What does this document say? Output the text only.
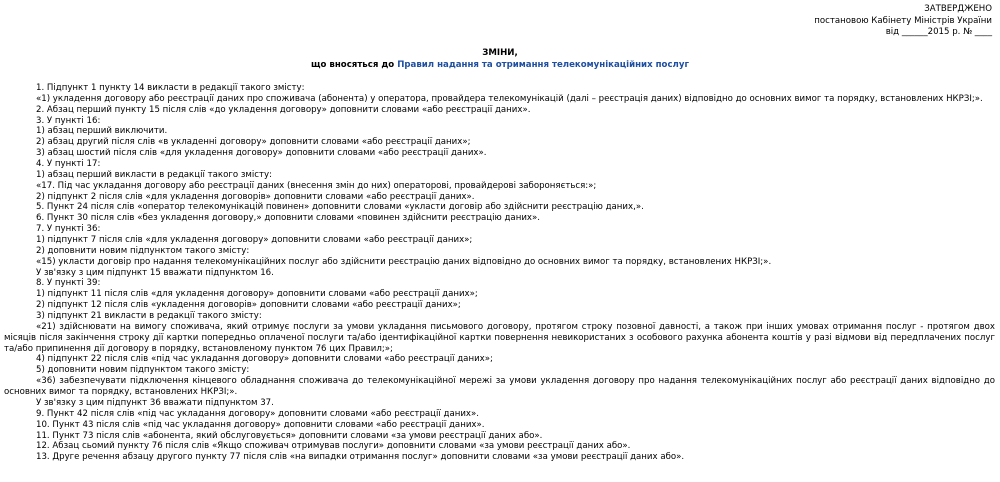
ЗАТВЕРДЖЕНО
постановою Кабінету Міністрів України
від ______2015 р. № ____
ЗМІНИ,
що вносяться до Правил надання та отримання телекомунікаційних послуг

1. Підпункт 1 пункту 14 викласти в редакції такого змісту:

«1) укладення договору або реєстрації даних про споживача (абонента) у оператора, провайдера телекомунікацій (далі – реєстрація даних) відповідно до основних вимог та порядку, встановлених НКРЗІ;».

2. Абзац перший пункту 15 після слів «до укладення договору» доповнити словами «або реєстрації даних».

3. У пункті 16:

1) абзац перший виключити.

2) абзац другий після слів «в укладенні договору» доповнити словами «або реєстрації даних»;

3) абзац шостий після слів «для укладення договору» доповнити словами «або реєстрації даних».

4. У пункті 17:

1) абзац перший викласти в редакції такого змісту:

«17. Під час укладання договору або реєстрації даних (внесення змін до них) операторові, провайдерові забороняється:»;

2) підпункт 2 після слів «для укладення договорів» доповнити словами «або реєстрації даних».

5. Пункт 24 після слів «оператор телекомунікацій повинен» доповнити словами «укласти договір або здійснити реєстрацію даних,».

6. Пункт 30 після слів «без укладення договору,» доповнити словами «повинен здійснити реєстрацію даних».

7. У пункті 36:

1) підпункт 7 після слів «для укладення договору» доповнити словами «або реєстрації даних»;

2) доповнити новим підпунктом такого змісту:

«15) укласти договір про надання телекомунікаційних послуг або здійснити реєстрацію даних відповідно до основних вимог та порядку, встановлених НКРЗІ;».

У зв'язку з цим підпункт 15 вважати підпунктом 16.

8. У пункті 39:

1) підпункт 11 після слів «для укладення договору» доповнити словами «або реєстрації даних»;

2) підпункт 12 після слів «укладення договорів» доповнити словами «або реєстрації даних»;

3) підпункт 21 викласти в редакції такого змісту:

«21) здійснювати на вимогу споживача, який отримує послуги за умови укладання письмового договору, протягом строку позовної давності, а також при інших умовах отримання послуг - протягом двох місяців після закінчення строку дії картки попередньо оплаченої послуги та/або ідентифікаційної картки повернення невикористаних з особового рахунка абонента коштів у разі відмови від передплачених послуг та/або припинення дії договору в порядку, встановленому пунктом 76 цих Правил;»;

4) підпункт 22 після слів «під час укладання договору» доповнити словами «або реєстрації даних»;

5) доповнити новим підпунктом такого змісту:

«36) забезпечувати підключення кінцевого обладнання споживача до телекомунікаційної мережі за умови укладення договору про надання телекомунікаційних послуг або реєстрації даних відповідно до основних вимог та порядку, встановлених НКРЗІ;».

У зв'язку з цим підпункт 36 вважати підпунктом 37.

9. Пункт 42 після слів «під час укладання договору» доповнити словами «або реєстрації даних».

10. Пункт 43 після слів «під час укладання договору» доповнити словами «або реєстрації даних».

11. Пункт 73 після слів «абонента, який обслуговується» доповнити словами «за умови реєстрації даних або».

12. Абзац сьомий пункту 76 після слів «Якщо споживач отримував послуги» доповнити словами «за умови реєстрації даних або».

13. Друге речення абзацу другого пункту 77 після слів «на випадки отримання послуг» доповнити словами «за умови реєстрації даних або».
